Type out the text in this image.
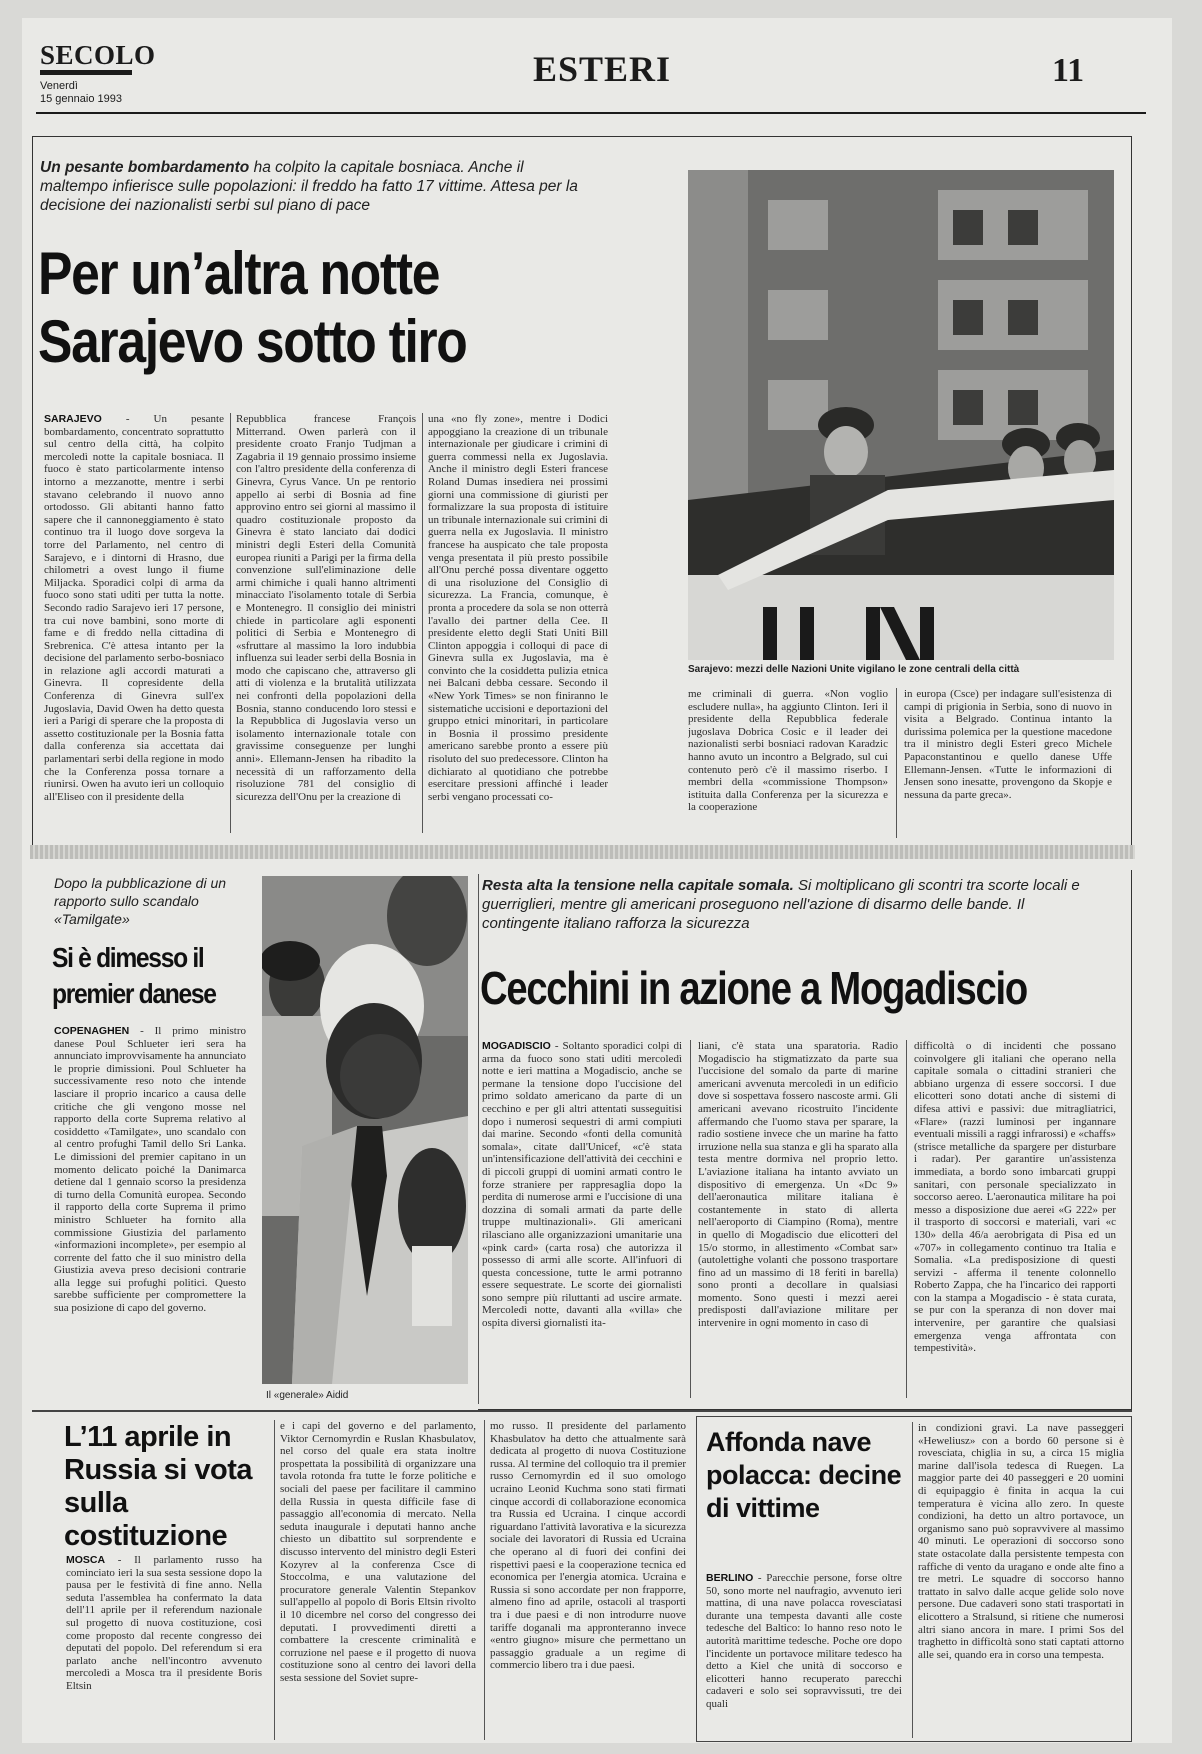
SECOLO
Venerdì
15 gennaio 1993
ESTERI	11
Un pesante bombardamento ha colpito la capitale bosniaca. Anche il maltempo infierisce sulle popolazioni: il freddo ha fatto 17 vittime. Attesa per la decisione dei nazionalisti serbi sul piano di pace
Per un’altra notte
Sarajevo sotto tiro
SARAJEVO - Un pesante bombardamento, concentrato soprattutto sul centro della città, ha colpito mercoledì notte la capitale bosniaca. Il fuoco è stato particolarmente intenso intorno a mezzanotte, mentre i serbi stavano celebrando il nuovo anno ortodosso. Gli abitanti hanno fatto sapere che il cannoneggiamento è stato continuo tra il luogo dove sorgeva la torre del Parlamento, nel centro di Sarajevo, e i dintorni di Hrasno, due chilometri a ovest lungo il fiume Miljacka. Sporadici colpi di arma da fuoco sono stati uditi per tutta la notte. Secondo radio Sarajevo ieri 17 persone, tra cui nove bambini, sono morte di fame e di freddo nella cittadina di Srebrenica. C'è attesa intanto per la decisione del parlamento serbo-bosniaco in relazione agli accordi maturati a Ginevra. Il copresidente della Conferenza di Ginevra sull'ex Jugoslavia, David Owen ha detto questa ieri a Parigi di sperare che la proposta di assetto costituzionale per la Bosnia fatta dalla conferenza sia accettata dai parlamentari serbi della regione in modo che la Conferenza possa tornare a riunirsi. Owen ha avuto ieri un colloquio all'Eliseo con il presidente della
Repubblica francese François Mitterrand. Owen parlerà con il presidente croato Franjo Tudjman a Zagabria il 19 gennaio prossimo insieme con l'altro presidente della conferenza di Ginevra, Cyrus Vance. Un pe rentorio appello ai serbi di Bosnia ad fine approvino entro sei giorni al massimo il quadro costituzionale proposto da Ginevra è stato lanciato dai dodici ministri degli Esteri della Comunità europea riuniti a Parigi per la firma della convenzione sull'eliminazione delle armi chimiche i quali hanno altrimenti minacciato l'isolamento totale di Serbia e Montenegro. Il consiglio dei ministri chiede in particolare agli esponenti politici di Serbia e Montenegro di «sfruttare al massimo la loro indubbia influenza sui leader serbi della Bosnia in modo che capiscano che, attraverso gli atti di violenza e la brutalità utilizzata nei confronti della popolazioni della Bosnia, stanno conducendo loro stessi e la Repubblica di Jugoslavia verso un isolamento internazionale totale con gravissime conseguenze per lunghi anni». Ellemann-Jensen ha ribadito la necessità di un rafforzamento della risoluzione 781 del consiglio di sicurezza dell'Onu per la creazione di
una «no fly zone», mentre i Dodici appoggiano la creazione di un tribunale internazionale per giudicare i crimini di guerra commessi nella ex Jugoslavia. Anche il ministro degli Esteri francese Roland Dumas insediera nei prossimi giorni una commissione di giuristi per formalizzare la sua proposta di istituire un tribunale internazionale sui crimini di guerra nella ex Jugoslavia. Il ministro francese ha auspicato che tale proposta venga presentata il più presto possibile all'Onu perché possa diventare oggetto di una risoluzione del Consiglio di sicurezza. La Francia, comunque, è pronta a procedere da sola se non otterrà l'avallo dei partner della Cee. Il presidente eletto degli Stati Uniti Bill Clinton appoggia i colloqui di pace di Ginevra sulla ex Jugoslavia, ma è convinto che la cosiddetta pulizia etnica nei Balcani debba cessare. Secondo il «New York Times» se non finiranno le sistematiche uccisioni e deportazioni del gruppo etnici minoritari, in particolare in Bosnia il prossimo presidente americano sarebbe pronto a essere più risoluto del suo predecessore. Clinton ha dichiarato al quotidiano che potrebbe esercitare pressioni affinché i leader serbi vengano processati co-
Sarajevo: mezzi delle Nazioni Unite vigilano le zone centrali della città
me criminali di guerra. «Non voglio escludere nulla», ha aggiunto Clinton. Ieri il presidente della Repubblica federale jugoslava Dobrica Cosic e il leader dei nazionalisti serbi bosniaci radovan Karadzic hanno avuto un incontro a Belgrado, sul cui contenuto però c'è il massimo riserbo. I membri della «commissione Thompson» istituita dalla Conferenza per la sicurezza e la cooperazione
in europa (Csce) per indagare sull'esistenza di campi di prigionia in Serbia, sono di nuovo in visita a Belgrado. Continua intanto la durissima polemica per la questione macedone tra il ministro degli Esteri greco Michele Papaconstantinou e quello danese Uffe Ellemann-Jensen. «Tutte le informazioni di Jensen sono inesatte, provengono da Skopje e nessuna da parte greca».
Dopo la pubblicazione di un rapporto sullo scandalo «Tamilgate»
Si è dimesso il
premier danese
COPENAGHEN - Il primo ministro danese Poul Schlueter ieri sera ha annunciato improvvisamente ha annunciato le proprie dimissioni. Poul Schlueter ha successivamente reso noto che intende lasciare il proprio incarico a causa delle critiche che gli vengono mosse nel rapporto della corte Suprema relativo al cosiddetto «Tamilgate», uno scandalo con al centro profughi Tamil dello Sri Lanka. Le dimissioni del premier capitano in un momento delicato poiché la Danimarca detiene dal 1 gennaio scorso la presidenza di turno della Comunità europea. Secondo il rapporto della corte Suprema il primo ministro Schlueter ha fornito alla commissione Giustizia del parlamento «informazioni incomplete», per esempio al corrente del fatto che il suo ministro della Giustizia aveva preso decisioni contrarie alla legge sui profughi politici. Questo sarebbe sufficiente per compromettere la sua posizione di capo del governo.
Il «generale» Aidid
Resta alta la tensione nella capitale somala. Si moltiplicano gli scontri tra scorte locali e guerriglieri, mentre gli americani proseguono nell'azione di disarmo delle bande. Il contingente italiano rafforza la sicurezza
Cecchini in azione a Mogadiscio
MOGADISCIO - Soltanto sporadici colpi di arma da fuoco sono stati uditi mercoledì notte e ieri mattina a Mogadiscio, anche se permane la tensione dopo l'uccisione del primo soldato americano da parte di un cecchino e per gli altri attentati susseguitisi dopo i numerosi sequestri di armi compiuti dai marine. Secondo «fonti della comunità somala», citate dall'Unicef, «c'è stata un'intensificazione dell'attività dei cecchini e di piccoli gruppi di uomini armati contro le forze straniere per rappresaglia dopo la perdita di numerose armi e l'uccisione di una dozzina di somali armati da parte delle truppe multinazionali». Gli americani rilasciano alle organizzazioni umanitarie una «pink card» (carta rosa) che autorizza il possesso di armi alle scorte. All'infuori di questa concessione, tutte le armi potranno essere sequestrate. Le scorte dei giornalisti sono sempre più riluttanti ad uscire armate. Mercoledì notte, davanti alla «villa» che ospita diversi giornalisti ita-
liani, c'è stata una sparatoria. Radio Mogadiscio ha stigmatizzato da parte sua l'uccisione del somalo da parte di marine americani avvenuta mercoledì in un edificio dove si sospettava fossero nascoste armi. Gli americani avevano ricostruito l'incidente affermando che l'uomo stava per sparare, la radio sostiene invece che un marine ha fatto irruzione nella sua stanza e gli ha sparato alla testa mentre dormiva nel proprio letto. L'aviazione italiana ha intanto avviato un dispositivo di emergenza. Un «Dc 9» dell'aeronautica militare italiana è costantemente in stato di allerta nell'aeroporto di Ciampino (Roma), mentre in quello di Mogadiscio due elicotteri del 15/o stormo, in allestimento «Combat sar» (autolettighe volanti che possono trasportare fino ad un massimo di 18 feriti in barella) sono pronti a decollare in qualsiasi momento. Sono questi i mezzi aerei predisposti dall'aviazione militare per intervenire in ogni momento in caso di
difficoltà o di incidenti che possano coinvolgere gli italiani che operano nella capitale somala o cittadini stranieri che abbiano urgenza di essere soccorsi. I due elicotteri sono dotati anche di sistemi di difesa attivi e passivi: due mitragliatrici, «Flare» (razzi luminosi per ingannare eventuali missili a raggi infrarossi) e «chaffs» (strisce metalliche da spargere per disturbare i radar). Per garantire un'assistenza immediata, a bordo sono imbarcati gruppi sanitari, con personale specializzato in soccorso aereo. L'aeronautica militare ha poi messo a disposizione due aerei «G 222» per il trasporto di soccorsi e materiali, vari «c 130» della 46/a aerobrigata di Pisa ed un «707» in collegamento continuo tra Italia e Somalia. «La predisposizione di questi servizi - afferma il tenente colonnello Roberto Zappa, che ha l'incarico dei rapporti con la stampa a Mogadiscio - è stata curata, se pur con la speranza di non dover mai intervenire, per garantire che qualsiasi emergenza venga affrontata con tempestività».
L’11 aprile in Russia si vota sulla costituzione
MOSCA - Il parlamento russo ha cominciato ieri la sua sesta sessione dopo la pausa per le festività di fine anno. Nella seduta l'assemblea ha confermato la data dell'11 aprile per il referendum nazionale sul progetto di nuova costituzione, così come proposto dal recente congresso dei deputati del popolo. Del referendum si era parlato anche nell'incontro avvenuto mercoledì a Mosca tra il presidente Boris Eltsin
e i capi del governo e del parlamento, Viktor Cernomyrdin e Ruslan Khasbulatov, nel corso del quale era stata inoltre prospettata la possibilità di organizzare una tavola rotonda fra tutte le forze politiche e sociali del paese per facilitare il cammino della Russia in questa difficile fase di passaggio all'economia di mercato. Nella seduta inaugurale i deputati hanno anche chiesto un dibattito sul sorprendente e discusso intervento del ministro degli Esteri Kozyrev al la conferenza Csce di Stoccolma, e una valutazione del procuratore generale Valentin Stepankov sull'appello al popolo di Boris Eltsin rivolto il 10 dicembre nel corso del congresso dei deputati. I provvedimenti diretti a combattere la crescente criminalità e corruzione nel paese e il progetto di nuova costituzione sono al centro dei lavori della sesta sessione del Soviet supre-
mo russo. Il presidente del parlamento Khasbulatov ha detto che attualmente sarà dedicata al progetto di nuova Costituzione russa. Al termine del colloquio tra il premier russo Cernomyrdin ed il suo omologo ucraino Leonid Kuchma sono stati firmati cinque accordi di collaborazione economica tra Russia ed Ucraina. I cinque accordi riguardano l'attività lavorativa e la sicurezza sociale dei lavoratori di Russia ed Ucraina che operano al di fuori dei confini dei rispettivi paesi e la cooperazione tecnica ed economica per l'energia atomica. Ucraina e Russia si sono accordate per non frapporre, almeno fino ad aprile, ostacoli al trasporti tra i due paesi e di non introdurre nuove tariffe doganali ma appronteranno invece «entro giugno» misure che permettano un passaggio graduale a un regime di commercio libero tra i due paesi.
Affonda nave polacca: decine di vittime
BERLINO - Parecchie persone, forse oltre 50, sono morte nel naufragio, avvenuto ieri mattina, di una nave polacca rovesciatasi durante una tempesta davanti alle coste tedesche del Baltico: lo hanno reso noto le autorità marittime tedesche. Poche ore dopo l'incidente un portavoce militare tedesco ha detto a Kiel che unità di soccorso e elicotteri hanno recuperato parecchi cadaveri e solo sei sopravvissuti, tre dei quali
in condizioni gravi. La nave passeggeri «Heweliusz» con a bordo 60 persone si è rovesciata, chiglia in su, a circa 15 miglia marine dall'isola tedesca di Ruegen. La maggior parte dei 40 passeggeri e 20 uomini di equipaggio è finita in acqua la cui temperatura è vicina allo zero. In queste condizioni, ha detto un altro portavoce, un organismo sano può sopravvivere al massimo 40 minuti. Le operazioni di soccorso sono state ostacolate dalla persistente tempesta con raffiche di vento da uragano e onde alte fino a tre metri. Le squadre di soccorso hanno trattato in salvo dalle acque gelide solo nove persone. Due cadaveri sono stati trasportati in elicottero a Stralsund, si ritiene che numerosi altri siano ancora in mare. I primi Sos del traghetto in difficoltà sono stati captati attorno alle sei, quando era in corso una tempesta.
